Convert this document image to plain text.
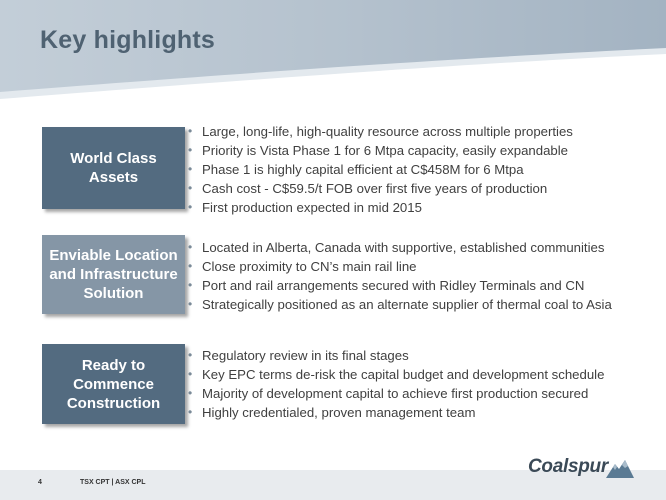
Key highlights
World Class
Assets
• Large, long-life, high-quality resource across multiple properties
• Priority is Vista Phase 1 for 6 Mtpa capacity, easily expandable
• Phase 1 is highly capital efficient at C$458M for 6 Mtpa
• Cash cost - C$59.5/t FOB over first five years of production
• First production expected in mid 2015
Enviable Location
and Infrastructure
Solution
• Located in Alberta, Canada with supportive, established communities
• Close proximity to CN’s main rail line
• Port and rail arrangements secured with Ridley Terminals and CN
• Strategically positioned as an alternate supplier of thermal coal to Asia
Ready to
Commence
Construction
• Regulatory review in its final stages
• Key EPC terms de-risk the capital budget and development schedule
• Majority of development capital to achieve first production secured
• Highly credentialed, proven management team
4	TSX CPT | ASX CPL
Coalspur
